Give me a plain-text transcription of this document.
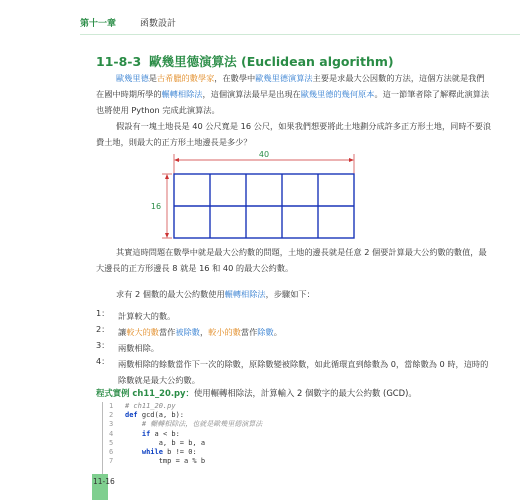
第十一章	函數設計
11-8-3 歐幾里德演算法 (Euclidean algorithm)
歐幾里德是古希臘的數學家，在數學中歐幾里德演算法主要是求最大公因數的方法，這個方法就是我們在國中時期所學的輾轉相除法，這個演算法最早是出現在歐幾里德的幾何原本。這一節筆者除了解釋此演算法也將使用 Python 完成此演算法。
假設有一塊土地長是 40 公尺寬是 16 公尺，如果我們想要將此土地劃分成許多正方形土地，同時不要浪費土地，則最大的正方形土地邊長是多少？
40
16
其實這時問題在數學中就是最大公約數的問題，土地的邊長就是任意 2 個要計算最大公約數的數值，最大邊長的正方形邊長 8 就是 16 和 40 的最大公約數。
求有 2 個數的最大公約數使用輾轉相除法，步驟如下：
1： 計算較大的數。
2： 讓較大的數當作被除數，較小的數當作除數。
3： 兩數相除。
4： 兩數相除的餘數當作下一次的除數，原除數變被除數，如此循環直到餘數為 0，當餘數為 0 時，這時的除數就是最大公約數。
程式實例 ch11_20.py：使用輾轉相除法，計算輸入 2 個數字的最大公約數 (GCD)。
1	# ch11_20.py
2	def gcd(a, b):
3	# 輾轉相除法，也就是歐幾里德演算法
4	if a < b:
5	a, b = b, a
6	while b != 0:
7	tmp = a % b
11-16
